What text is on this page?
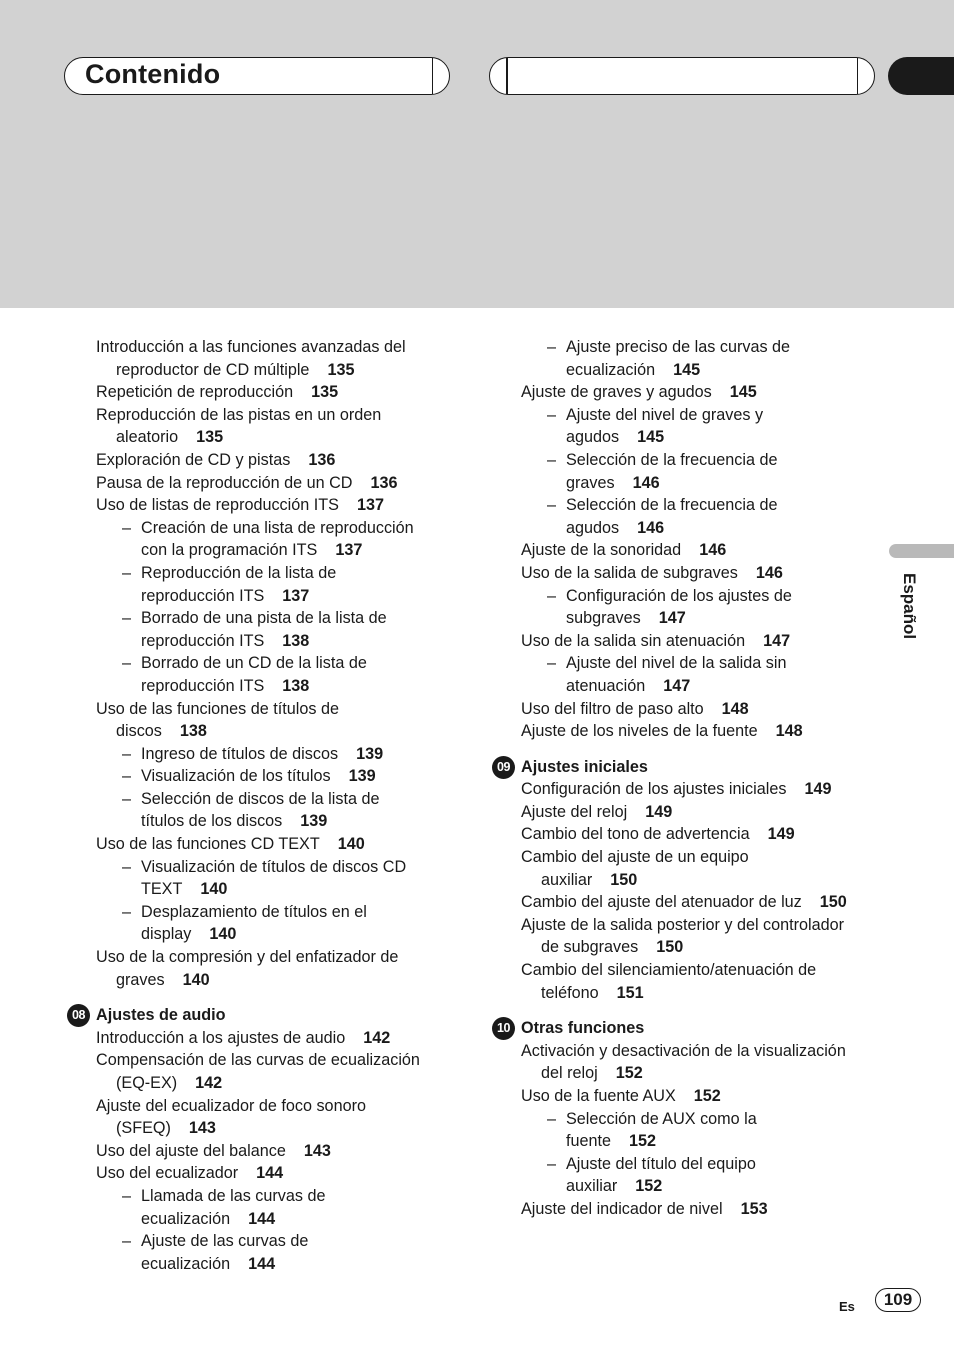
Contenido
Introducción a las funciones avanzadas del
reproductor de CD múltiple 135
Repetición de reproducción 135
Reproducción de las pistas en un orden
aleatorio 135
Exploración de CD y pistas 136
Pausa de la reproducción de un CD 136
Uso de listas de reproducción ITS 137
– Creación de una lista de reproducción
con la programación ITS 137
– Reproducción de la lista de
reproducción ITS 137
– Borrado de una pista de la lista de
reproducción ITS 138
– Borrado de un CD de la lista de
reproducción ITS 138
Uso de las funciones de títulos de
discos 138
– Ingreso de títulos de discos 139
– Visualización de los títulos 139
– Selección de discos de la lista de
títulos de los discos 139
Uso de las funciones CD TEXT 140
– Visualización de títulos de discos CD
TEXT 140
– Desplazamiento de títulos en el
display 140
Uso de la compresión y del enfatizador de
graves 140
08 Ajustes de audio
Introducción a los ajustes de audio 142
Compensación de las curvas de ecualización
(EQ-EX) 142
Ajuste del ecualizador de foco sonoro
(SFEQ) 143
Uso del ajuste del balance 143
Uso del ecualizador 144
– Llamada de las curvas de
ecualización 144
– Ajuste de las curvas de
ecualización 144
– Ajuste preciso de las curvas de
ecualización 145
Ajuste de graves y agudos 145
– Ajuste del nivel de graves y
agudos 145
– Selección de la frecuencia de
graves 146
– Selección de la frecuencia de
agudos 146
Ajuste de la sonoridad 146
Uso de la salida de subgraves 146
– Configuración de los ajustes de
subgraves 147
Uso de la salida sin atenuación 147
– Ajuste del nivel de la salida sin
atenuación 147
Uso del filtro de paso alto 148
Ajuste de los niveles de la fuente 148
09 Ajustes iniciales
Configuración de los ajustes iniciales 149
Ajuste del reloj 149
Cambio del tono de advertencia 149
Cambio del ajuste de un equipo
auxiliar 150
Cambio del ajuste del atenuador de luz 150
Ajuste de la salida posterior y del controlador
de subgraves 150
Cambio del silenciamiento/atenuación de
teléfono 151
10 Otras funciones
Activación y desactivación de la visualización
del reloj 152
Uso de la fuente AUX 152
– Selección de AUX como la
fuente 152
– Ajuste del título del equipo
auxiliar 152
Ajuste del indicador de nivel 153
Español
Es	109
